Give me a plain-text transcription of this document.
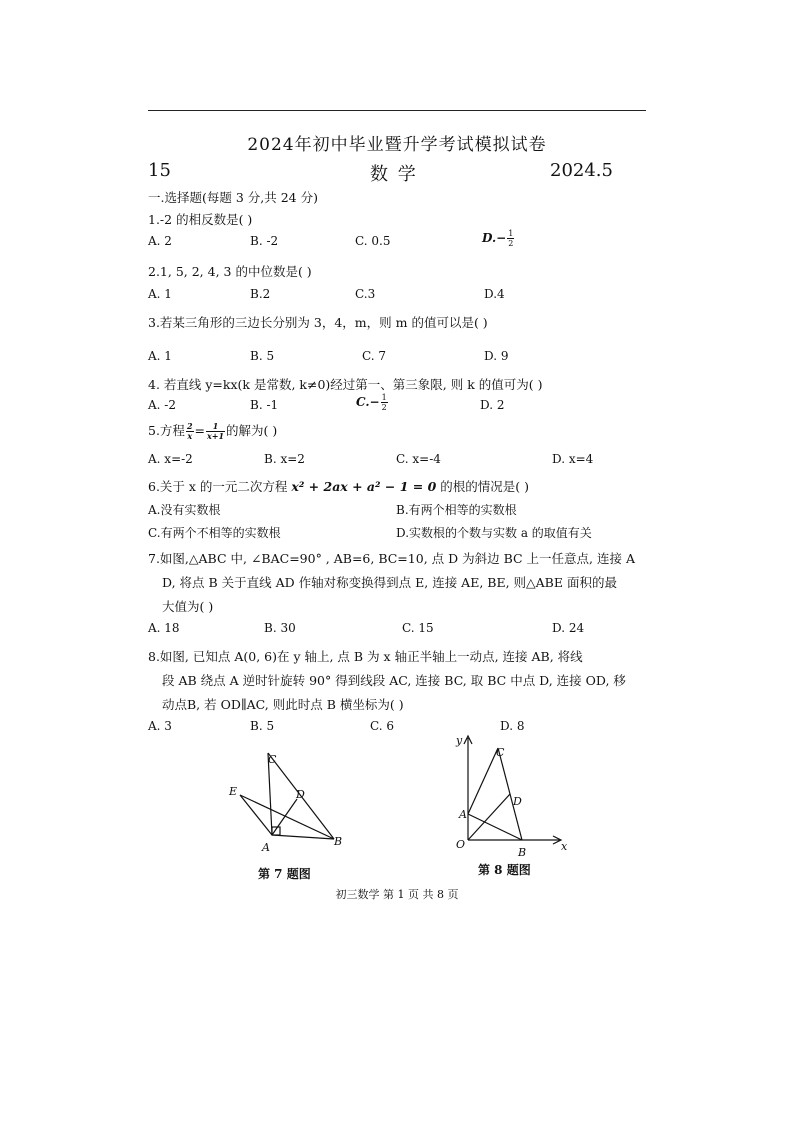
2024年初中毕业暨升学考试模拟试卷
15	数 学	2024.5
一.选择题(每题 3 分,共 24 分)
1.-2 的相反数是( )
A. 2	B. -2	C. 0.5	$D.- \frac{1}{2}$
2.1, 5, 2, 4, 3 的中位数是( )
A. 1	B.2	C.3	D.4
3.若某三角形的三边长分别为 3，4，m，则 m 的值可以是( )
A. 1	B. 5	C. 7	D. 9
4. 若直线 y=kx(k 是常数, k≠0)经过第一、第三象限, 则 k 的值可为( )
A. -2	B. -1	$C.- \frac{1}{2}$	D. 2
5.方程 $\frac{2}{x} = \frac{1}{x+1}$ 的解为( )
A. x=-2	B. x=2	C. x=-4	D. x=4
6.关于 x 的一元二次方程 x² + 2ax + a² − 1 = 0 的根的情况是( )
A.没有实数根	B.有两个相等的实数根
C.有两个不相等的实数根	D.实数根的个数与实数 a 的取值有关
7.如图,△ABC 中, ∠BAC=90° , AB=6, BC=10, 点 D 为斜边 BC 上一任意点, 连接 A
D, 将点 B 关于直线 AD 作轴对称变换得到点 E, 连接 AE, BE, 则△ABE 面积的最
大值为( )
A. 18	B. 30	C. 15	D. 24
8.如图, 已知点 A(0, 6)在 y 轴上, 点 B 为 x 轴正半轴上一动点, 连接 AB, 将线
段 AB 绕点 A 逆时针旋转 90° 得到线段 AC, 连接 BC, 取 BC 中点 D, 连接 OD, 移
动点B, 若 OD∥AC, 则此时点 B 横坐标为( )
A. 3	B. 5	C. 6	D. 8
C
E	D
A	B
第 7 题图
y
C
D
A
O
B	x
第 8 题图
初三数学 第 1 页 共 8 页
